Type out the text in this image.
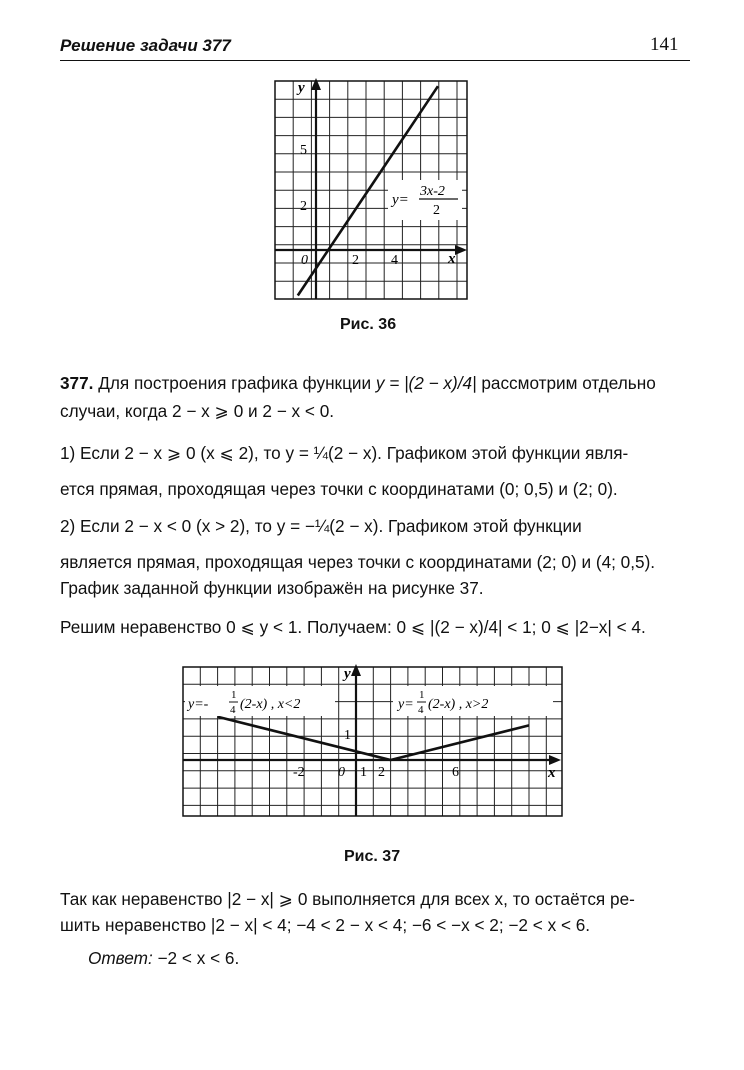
Решение задачи 377	141
y
x
5
2
0	2 4
y=
3x-2
2
Рис. 36
377. Для построения графика функции y = |(2 − x)/4| рассмотрим отдельно
случаи, когда 2 − x ⩾ 0 и 2 − x < 0.
1) Если 2 − x ⩾ 0 (x ⩽ 2), то y = ¼(2 − x). Графиком этой функции явля-
ется прямая, проходящая через точки с координатами (0; 0,5) и (2; 0).
2) Если 2 − x < 0 (x > 2), то y = −¼(2 − x). Графиком этой функции
является прямая, проходящая через точки с координатами (2; 0) и (4; 0,5).
График заданной функции изображён на рисунке 37.
Решим неравенство 0 ⩽ y < 1. Получаем: 0 ⩽ |(2 − x)/4| < 1; 0 ⩽ |2−x| < 4.
y
x
1
-2 0 1 2	6
y=-
1
4 (2-x) , x<2	y=
1
4 (2-x) , x>2
Рис. 37
Так как неравенство |2 − x| ⩾ 0 выполняется для всех x, то остаётся ре-
шить неравенство |2 − x| < 4; −4 < 2 − x < 4; −6 < −x < 2; −2 < x < 6.
Ответ: −2 < x < 6.
